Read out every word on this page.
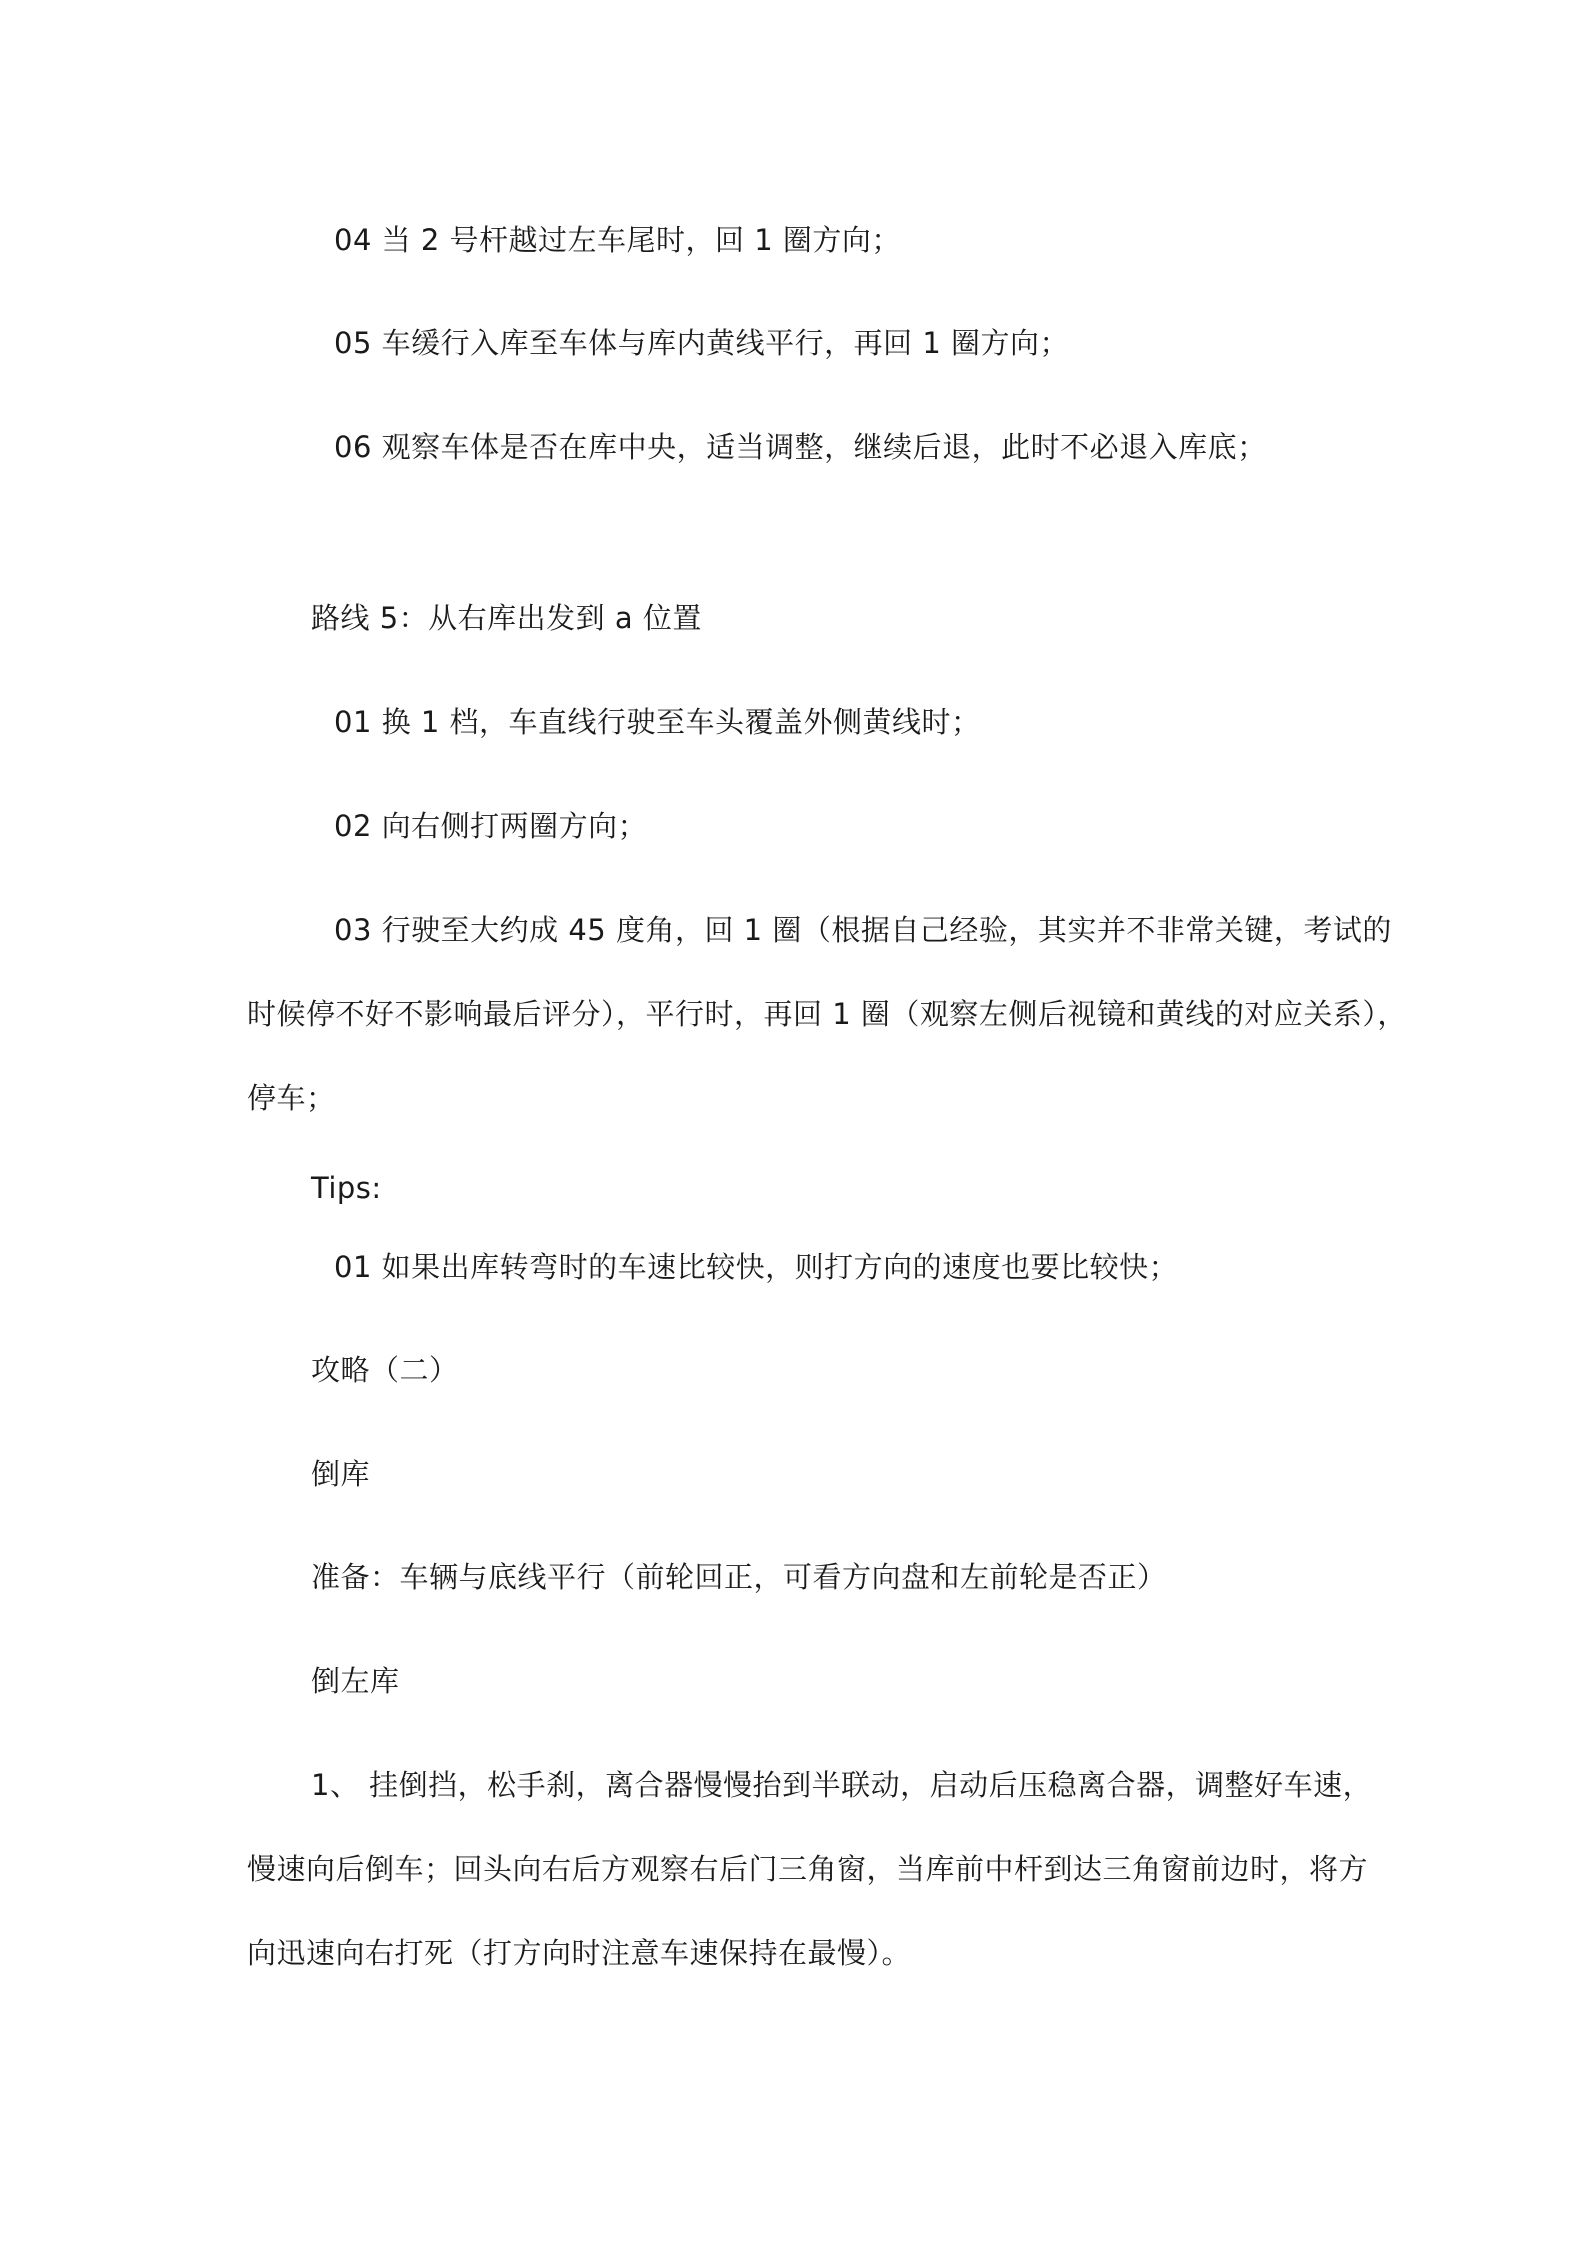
04 当 2 号杆越过左车尾时，回 1 圈方向；
05 车缓行入库至车体与库内黄线平行，再回 1 圈方向；
06 观察车体是否在库中央，适当调整，继续后退，此时不必退入库底；
路线 5：从右库出发到 a 位置
01 换 1 档，车直线行驶至车头覆盖外侧黄线时；
02 向右侧打两圈方向；
03 行驶至大约成 45 度角，回 1 圈（根据自己经验，其实并不非常关键，考试的
时候停不好不影响最后评分），平行时，再回 1 圈（观察左侧后视镜和黄线的对应关系），
停车；
Tips:
01 如果出库转弯时的车速比较快，则打方向的速度也要比较快；
攻略（二）
倒库
准备：车辆与底线平行（前轮回正，可看方向盘和左前轮是否正）
倒左库
1、 挂倒挡，松手刹，离合器慢慢抬到半联动，启动后压稳离合器，调整好车速，
慢速向后倒车；回头向右后方观察右后门三角窗，当库前中杆到达三角窗前边时，将方
向迅速向右打死（打方向时注意车速保持在最慢）。
